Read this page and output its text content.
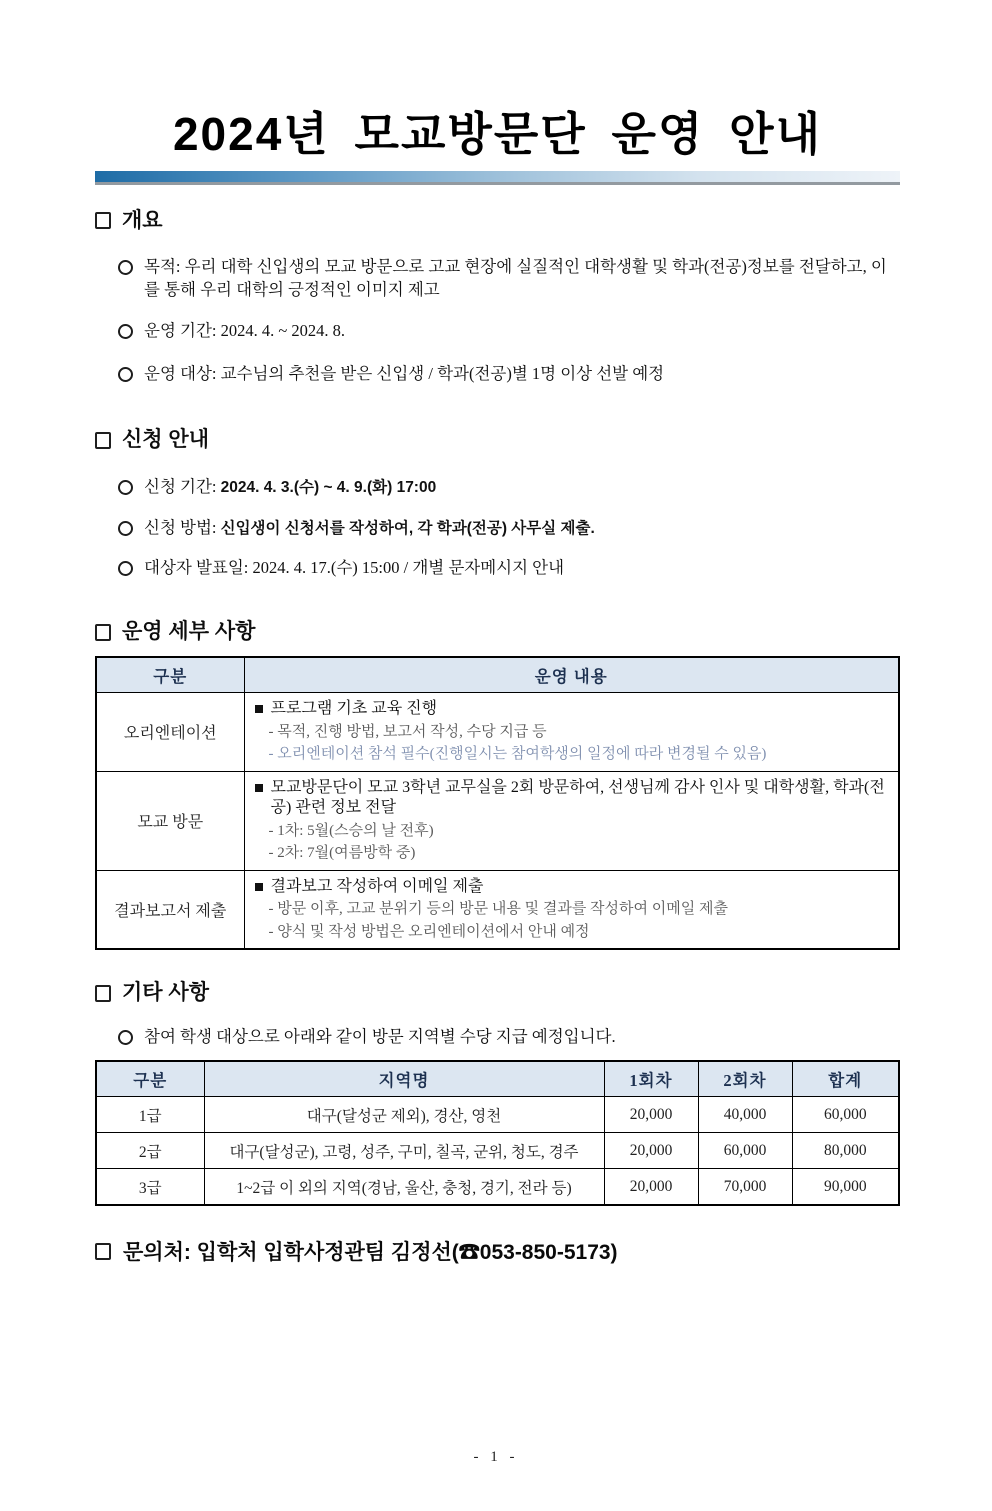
2024년 모교방문단 운영 안내
개요
목적: 우리 대학 신입생의 모교 방문으로 고교 현장에 실질적인 대학생활 및 학과(전공)정보를 전달하고, 이를 통해 우리 대학의 긍정적인 이미지 제고
운영 기간: 2024. 4. ~ 2024. 8.
운영 대상: 교수님의 추천을 받은 신입생 / 학과(전공)별 1명 이상 선발 예정
신청 안내
신청 기간: 2024. 4. 3.(수) ~ 4. 9.(화) 17:00
신청 방법: 신입생이 신청서를 작성하여, 각 학과(전공) 사무실 제출.
대상자 발표일: 2024. 4. 17.(수) 15:00 / 개별 문자메시지 안내
운영 세부 사항
구분	운영 내용
오리엔테이션	프로그램 기초 교육 진행
- 목적, 진행 방법, 보고서 작성, 수당 지급 등
- 오리엔테이션 참석 필수(진행일시는 참여학생의 일정에 따라 변경될 수 있음)

모교 방문	모교방문단이 모교 3학년 교무실을 2회 방문하여, 선생님께 감사 인사 및 대학생활, 학과(전공) 관련 정보 전달
- 1차: 5월(스승의 날 전후)
- 2차: 7월(여름방학 중)

결과보고서 제출	결과보고 작성하여 이메일 제출
- 방문 이후, 고교 분위기 등의 방문 내용 및 결과를 작성하여 이메일 제출
- 양식 및 작성 방법은 오리엔테이션에서 안내 예정
기타 사항
참여 학생 대상으로 아래와 같이 방문 지역별 수당 지급 예정입니다.
구분	지역명	1회차	2회차	합계
1급	대구(달성군 제외), 경산, 영천	20,000	40,000	60,000
2급	대구(달성군), 고령, 성주, 구미, 칠곡, 군위, 청도, 경주	20,000	60,000	80,000
3급	1~2급 이 외의 지역(경남, 울산, 충청, 경기, 전라 등)	20,000	70,000	90,000
문의처: 입학처 입학사정관팀 김정선(☎053-850-5173)
- 1 -
